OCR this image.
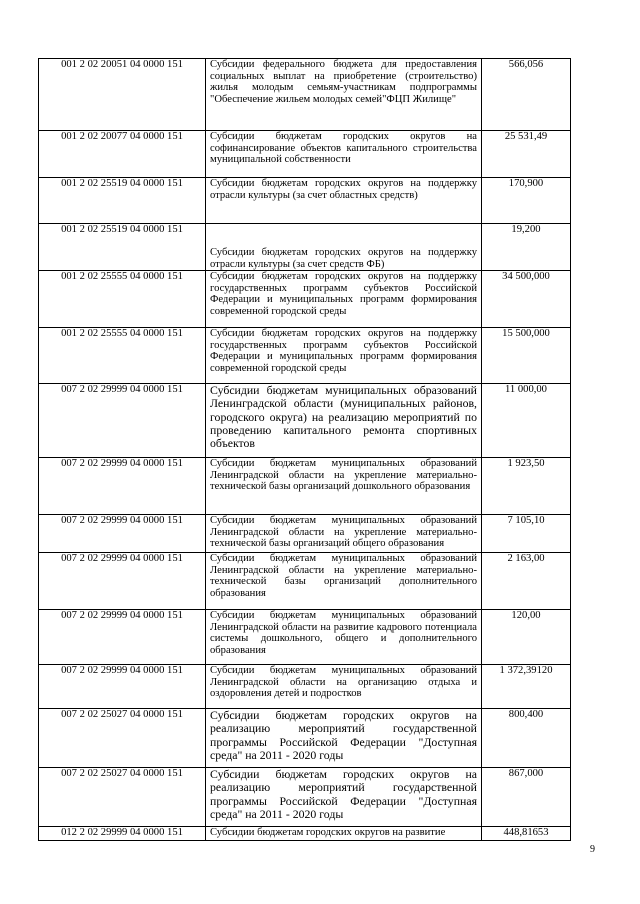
001 2 02 20051 04 0000 151	Субсидии федерального бюджета для предоставления социальных выплат на приобретение (строительство) жилья молодым семьям-участникам подпрограммы "Обеспечение жильем молодых семей"ФЦП Жилище"	566,056
001 2 02 20077 04 0000 151	Субсидии бюджетам городских округов на софинансирование объектов капитального строительства муниципальной собственности	25 531,49
001 2 02 25519 04 0000 151	Субсидии бюджетам городских округов на поддержку отрасли культуры (за счет областных средств)	170,900
001 2 02 25519 04 0000 151	Субсидии бюджетам городских округов на поддержку отрасли культуры (за счет средств ФБ)	19,200
001 2 02 25555 04 0000 151	Субсидии бюджетам городских округов на поддержку государственных программ субъектов Российской Федерации и муниципальных программ формирования современной городской среды	34 500,000
001 2 02 25555 04 0000 151	Субсидии бюджетам городских округов на поддержку государственных программ субъектов Российской Федерации и муниципальных программ формирования современной городской среды	15 500,000
007 2 02 29999 04 0000 151	Субсидии бюджетам муниципальных образований Ленинградской области (муниципальных районов, городского округа) на реализацию мероприятий по проведению капитального ремонта спортивных объектов	11 000,00
007 2 02 29999 04 0000 151	Субсидии бюджетам муниципальных образований Ленинградской области на укрепление материально-технической базы организаций дошкольного образования	1 923,50
007 2 02 29999 04 0000 151	Субсидии бюджетам муниципальных образований Ленинградской области на укрепление материально-технической базы организаций общего образования	7 105,10
007 2 02 29999 04 0000 151	Субсидии бюджетам муниципальных образований Ленинградской области на укрепление материально-технической базы организаций дополнительного образования	2 163,00
007 2 02 29999 04 0000 151	Субсидии бюджетам муниципальных образований Ленинградской области на развитие кадрового потенциала системы дошкольного, общего и дополнительного образования	120,00
007 2 02 29999 04 0000 151	Субсидии бюджетам муниципальных образований Ленинградской области на организацию отдыха и оздоровления детей и подростков	1 372,39120
007 2 02 25027 04 0000 151	Субсидии бюджетам городских округов на реализацию мероприятий государственной программы Российской Федерации "Доступная среда" на 2011 - 2020 годы	800,400
007 2 02 25027 04 0000 151	Субсидии бюджетам городских округов на реализацию мероприятий государственной программы Российской Федерации "Доступная среда" на 2011 - 2020 годы	867,000
012 2 02 29999 04 0000 151	Субсидии бюджетам городских округов на развитие	448,81653
9
